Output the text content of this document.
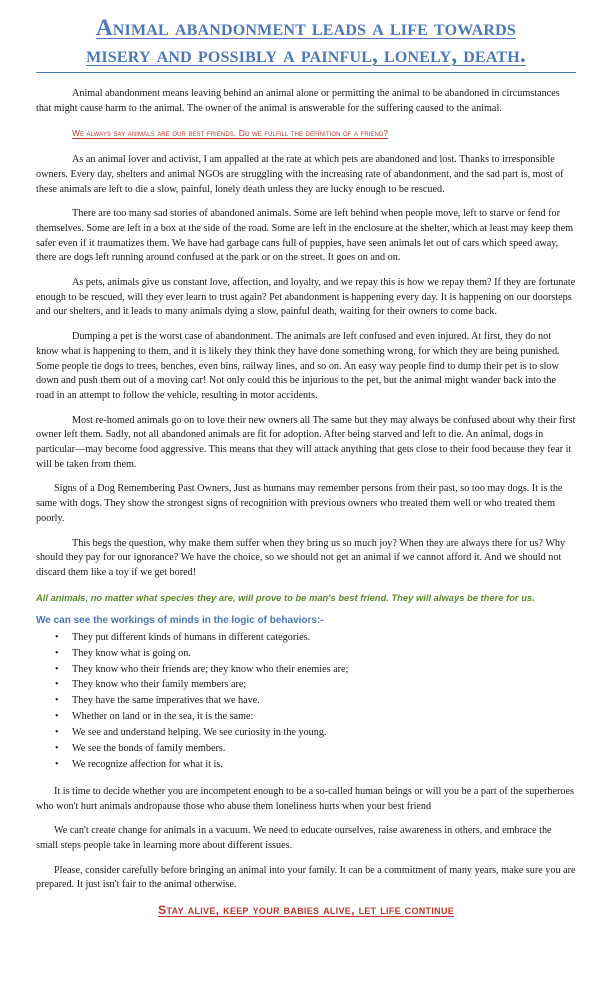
Animal abandonment leads a life towards
misery and possibly a painful, lonely, death.

Animal abandonment means leaving behind an animal alone or permitting the animal to be abandoned in circumstances that might cause harm to the animal. The owner of the animal is answerable for the suffering caused to the animal.

We always say animals are our best friends. Do we fulfill the definition of a friend?

As an animal lover and activist, I am appalled at the rate at which pets are abandoned and lost. Thanks to irresponsible owners. Every day, shelters and animal NGOs are struggling with the increasing rate of abandonment, and the sad part is, most of these animals are left to die a slow, painful, lonely death unless they are lucky enough to be rescued.

There are too many sad stories of abandoned animals. Some are left behind when people move, left to starve or fend for themselves. Some are left in a box at the side of the road. Some are left in the enclosure at the shelter, which at least may keep them safer even if it traumatizes them. We have had garbage cans full of puppies, have seen animals let out of cars which speed away, there are dogs left running around confused at the park or on the street. It goes on and on.

As pets, animals give us constant love, affection, and loyalty, and we repay this is how we repay them? If they are fortunate enough to be rescued, will they ever learn to trust again? Pet abandonment is happening every day. It is happening on our doorsteps and our shelters, and it leads to many animals dying a slow, painful death, waiting for their owners to come back.

Dumping a pet is the worst case of abandonment. The animals are left confused and even injured. At first, they do not know what is happening to them, and it is likely they think they have done something wrong, for which they are being punished. Some people tie dogs to trees, benches, even bins, railway lines, and so on. An easy way people find to dump their pet is to slow down and push them out of a moving car! Not only could this be injurious to the pet, but the animal might wander back into the road in an attempt to follow the vehicle, resulting in motor accidents.

Most re-homed animals go on to love their new owners all The same but they may always be confused about why their first owner left them. Sadly, not all abandoned animals are fit for adoption. After being starved and left to die. An animal, dogs in particular—may become food aggressive. This means that they will attack anything that gets close to their food because they fear it will be taken from them.

Signs of a Dog Remembering Past Owners, Just as humans may remember persons from their past, so too may dogs. It is the same with dogs. They show the strongest signs of recognition with previous owners who treated them well or who treated them poorly.

This begs the question, why make them suffer when they bring us so much joy? When they are always there for us? Why should they pay for our ignorance? We have the choice, so we should not get an animal if we cannot afford it. And we should not discard them like a toy if we get bored!

All animals, no matter what species they are, will prove to be man's best friend. They will always be there for us.

We can see the workings of minds in the logic of behaviors:-

• They put different kinds of humans in different categories.
• They know what is going on.
• They know who their friends are; they know who their enemies are;
• They know who their family members are;
• They have the same imperatives that we have.
• Whether on land or in the sea, it is the same:
• We see and understand helping. We see curiosity in the young.
• We see the bonds of family members.
• We recognize affection for what it is.

It is time to decide whether you are incompetent enough to be a so-called human beings or will you be a part of the superheroes who won't hurt animals andropause those who abuse them loneliness hurts when your best friend

We can't create change for animals in a vacuum. We need to educate ourselves, raise awareness in others, and embrace the small steps people take in learning more about different issues.

Please, consider carefully before bringing an animal into your family. It can be a commitment of many years, make sure you are prepared. It just isn't fair to the animal otherwise.

Stay alive, keep your babies alive, let life continue
